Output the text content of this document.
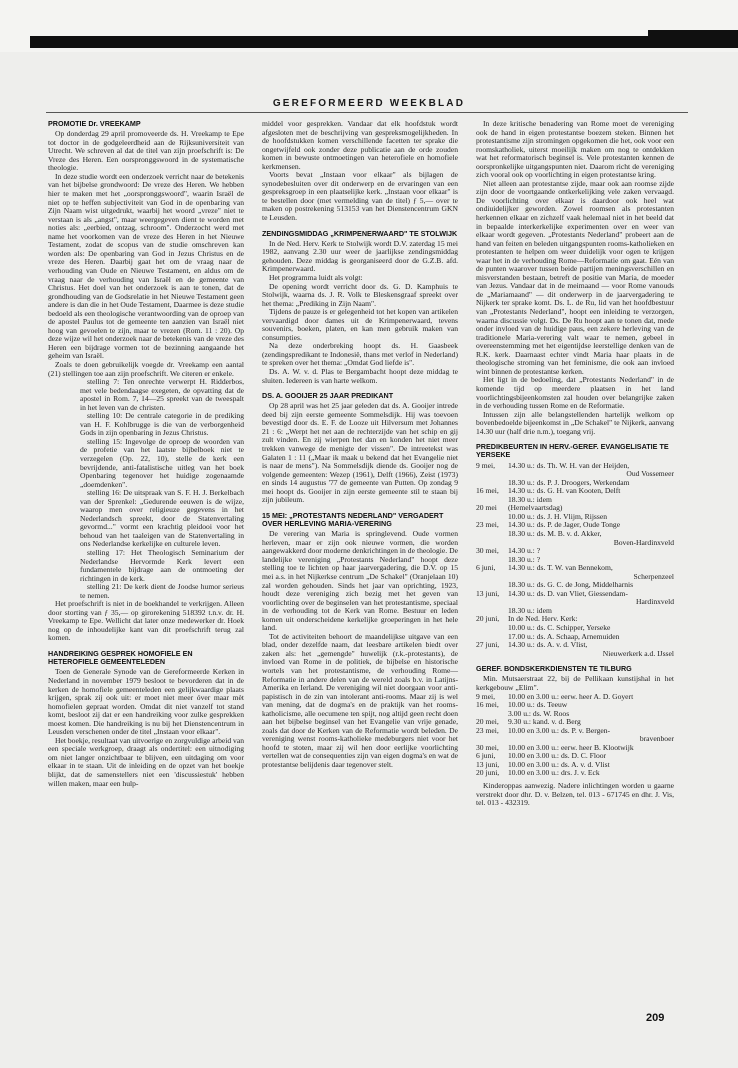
GEREFORMEERD WEEKBLAD
PROMOTIE Dr. VREEKAMP

Op donderdag 29 april promoveerde ds. H. Vreekamp te Epe tot doctor in de godgeleerdheid aan de Rijksuniversiteit van Utrecht. We schreven al dat de titel van zijn proefschrift is: De Vreze des Heren. Een oorspronggswoord in de systematische theologie.

In deze studie wordt een onderzoek verricht naar de betekenis van het bijbelse grondwoord: De vreze des Heren. We hebben hier te maken met het „oorspronggswoord", waarin Israël de niet op te heffen subjectiviteit van God in de openbaring van Zijn Naam wist uitgedrukt, waarbij het woord „vreze" niet te verstaan is als „angst", maar weergegeven dient te worden met noties als: „eerbied, ontzag, schroom". Onderzocht werd met name het voorkomen van de vreze des Heren in het Nieuwe Testament, zodat de scopus van de studie omschreven kan worden als: De openbaring van God in Jezus Christus en de vreze des Heren. Daarbij gaat het om de vraag naar de verhouding van Oude en Nieuwe Testament, en aldus om de vraag naar de verhouding van Israël en de gemeente van Christus. Het doel van het onderzoek is aan te tonen, dat de grondhouding van de Godsrelatie in het Nieuwe Testament geen andere is dan die in het Oude Testament, Daarmee is deze studie bedoeld als een theologische verantwoording van de oproep van de apostel Paulus tot de gemeente ten aanzien van Israël niet hoog van gevoelen te zijn, maar te vrezen (Rom. 11 : 20). Op deze wijze wil het onderzoek naar de betekenis van de vreze des Heren een bijdrage vormen tot de bezinning aangaande het geheim van Israël.

Zoals te doen gebruikelijk voegde dr. Vreekamp een aantal (21) stellingen toe aan zijn proefschrift. We citeren er enkele.

stelling 7: Ten onrechte verwerpt H. Ridderbos, met vele bedendaagse exegeten, de opvatting dat de apostel in Rom. 7, 14—25 spreekt van de tweespalt in het leven van de christen.

stelling 10: De centrale categorie in de prediking van H. F. Kohlbrugge is die van de verborgenheid Gods in zijn openbaring in Jezus Christus.

stelling 15: Ingevolge de oproep de woorden van de profetie van het laatste bijbelboek niet te verzegelen (Op. 22, 10), stelle de kerk een bevrijdende, anti-fatalistische uitleg van het boek Openbaring tegenover het huidige zogenaamde „doemdenken".

stelling 16: De uitspraak van S. F. H. J. Berkelbach van der Sprenkel: „Gedurende eeuwen is de wijze, waarop men over religieuze gegevens in het Nederlandsch spreekt, door de Statenvertaling gevormd..." vormt een krachtig pleidooi voor het behoud van het taaleigen van de Statenvertaling in ons Nederlandse kerkelijke en culturele leven.

stelling 17: Het Theologisch Seminarium der Nederlandse Hervormde Kerk levert een fundamentele bijdrage aan de ontmoeting der richtingen in de kerk.

stelling 21: De kerk dient de Joodse humor serieus te nemen.

Het proefschrift is niet in de boekhandel te verkrijgen. Alleen door storting van ƒ 35,— op girorekening 518392 t.n.v. dr. H. Vreekamp te Epe. Wellicht dat later onze medewerker dr. Hoek nog op de inhoudelijke kant van dit proefschrift terug zal komen.

HANDREIKING GESPREK HOMOFIELE EN HETEROFIELE GEMEENTELEDEN

Toen de Generale Synode van de Gereformeerde Kerken in Nederland in november 1979 besloot te bevorderen dat in de kerken de homofiele gemeenteleden een gelijkwaardige plaats krijgen, sprak zij ook uit: er moet niet meer óver maar mèt homofielen gepraat worden. Omdat dit niet vanzelf tot stand komt, besloot zij dat er een handreiking voor zulke gesprekken moest komen. Die handreiking is nu bij het Dienstencentrum in Leusden verschenen onder de titel „Instaan voor elkaar".

Het boekje, resultaat van uitvoerige en zorgvuldige arbeid van een speciale werkgroep, draagt als ondertitel: een uitnodiging om niet langer onzichtbaar te blijven, een uitdaging om voor elkaar in te staan. Uit de inleiding en de opzet van het boekje blijkt, dat de samenstellers niet een 'discussiestuk' hebben willen maken, maar een hulp-

middel voor gesprekken. Vandaar dat elk hoofdstuk wordt afgesloten met de beschrijving van gespreksmogelijkheden. In de hoofdstukken komen verschillende facetten ter sprake die ongetwijfeld ook zonder deze publicatie aan de orde zouden komen in bewuste ontmoetingen van heterofiele en homofiele kerkmensen.

Voorts bevat „Instaan voor elkaar" als bijlagen de synodebesluiten over dit onderwerp en de ervaringen van een gespreksgroep in een plaatselijke kerk. „Instaan voor elkaar" is te bestellen door (met vermelding van de titel) ƒ 5,— over te maken op postrekening 513153 van het Dienstencentrum GKN te Leusden.

ZENDINGSMIDDAG „KRIMPENERWAARD" TE STOLWIJK

In de Ned. Herv. Kerk te Stolwijk wordt D.V. zaterdag 15 mei 1982, aanvang 2.30 uur weer de jaarlijkse zendingsmiddag gehouden. Deze middag is georganiseerd door de G.Z.B. afd. Krimpenerwaard.

Het programma luidt als volgt:

De opening wordt verricht door ds. G. D. Kamphuis te Stolwijk, waarna ds. J. R. Volk te Bleskensgraaf spreekt over het thema: „Prediking in Zijn Naam".

Tijdens de pauze is er gelegenheid tot het kopen van artikelen vervaardigd door dames uit de Krimpenerwaard, tevens souvenirs, boeken, platen, en kan men gebruik maken van consumpties.

Na deze onderbreking hoopt ds. H. Gaasbeek (zendingspredikant te Indonesië, thans met verlof in Nederland) te spreken over het thema: „Omdat God liefde is".

Ds. A. W. v. d. Plas te Bergambacht hoopt deze middag te sluiten. Iedereen is van harte welkom.

DS. A. GOOIJER 25 JAAR PREDIKANT

Op 28 april was het 25 jaar geleden dat ds. A. Gooijer intrede deed bij zijn eerste gemeente Sommelsdijk. Hij was toevoen bevestigd door ds. E. F. de Looze uit Hilversum met Johannes 21 : 6: „Werpt het net aan de rechterzijde van het schip en gij zult vinden. En zij wierpen het dan en konden het niet meer trekken vanwege de menigte der vissen". De intreetekst was Galaten 1 : 11 („Maar ik maak u bekend dat het Evangelie niet is naar de mens"). Na Sommelsdijk diende ds. Gooijer nog de volgende gemeenten: Wezep (1961), Delft (1966), Zeist (1973) en sinds 14 augustus '77 de gemeente van Putten. Op zondag 9 mei hoopt ds. Gooijer in zijn eerste gemeente stil te staan bij zijn jubileum.

15 MEI: „PROTESTANTS NEDERLAND" VERGADERT OVER HERLEVING MARIA-VERERING

De verering van Maria is springlevend. Oude vormen herleven, maar er zijn ook nieuwe vormen, die worden aangewakkerd door moderne denkrichtingen in de theologie. De landelijke vereniging „Protestants Nederland" hoopt deze stelling toe te lichten op haar jaarvergadering, die D.V. op 15 mei a.s. in het Nijkerkse centrum „De Schakel" (Oranjelaan 10) zal worden gehouden. Sinds het jaar van oprichting, 1923, houdt deze vereniging zich bezig met het geven van voorlichting over de beginselen van het protestantisme, speciaal in de verhouding tot de Kerk van Rome. Bestuur en leden komen uit onderscheidene kerkelijke groeperingen in het hele land.

Tot de activiteiten behoort de maandelijkse uitgave van een blad, onder dezelfde naam, dat leesbare artikelen biedt over zaken als: het „gemengde" huwelijk (r.k.-protestants), de invloed van Rome in de politiek, de bijbelse en historische wortels van het protestantisme, de verhouding Rome—Reformatie in andere delen van de wereld zoals b.v. in Latijns-Amerika en Ierland. De vereniging wil niet doorgaan voor anti-papistisch in de zin van intolerant anti-rooms. Maar zij is wel van mening, dat de dogma's en de praktijk van het rooms-katholicisme, alle oecumene ten spijt, nog altijd geen recht doen aan het bijbelse beginsel van het Evangelie van vrije genade, zoals dat door de Kerken van de Reformatie wordt beleden. De vereniging wenst rooms-katholieke medeburgers niet voor het hoofd te stoten, maar zij wil hen door eerlijke voorlichting vertellen wat de consequenties zijn van eigen dogma's en wat de protestantse belijdenis daar tegenover stelt.

In deze kritische benadering van Rome moet de vereniging ook de hand in eigen protestantse boezem steken. Binnen het protestantisme zijn stromingen opgekomen die het, ook voor een roomskatholiek, uiterst moeilijk maken om nog te ontdekken wat het reformatorisch beginsel is. Vele protestanten kennen de oorspronkelijke uitgangspunten niet. Daarom richt de vereniging zich vooral ook op voorlichting in eigen protestantse kring.

Niet alleen aan protestantse zijde, maar ook aan roomse zijde zijn door de voortgaande ontkerkelijking vele zaken vervaagd. De voorlichting over elkaar is daardoor ook heel wat ondiuidelijker geworden. Zowel roomsen als protestanten herkennen elkaar en zichzelf vaak helemaal niet in het beeld dat in bepaalde interkerkelijke experimenten over en weer van elkaar wordt gegeven. „Protestants Nederland" probeert aan de hand van feiten en beleden uitgangspunten rooms-katholieken en protestanten te helpen om weer duidelijk voor ogen te krijgen waar het in de verhouding Rome—Reformatie om gaat. Eén van de punten waarover tussen beide partijen meningsverschillen en misverstanden bestaan, betreft de positie van Maria, de moeder van Jezus. Vandaar dat in de meimaand — voor Rome vanouds de „Mariamaand" — dit onderwerp in de jaarvergadering te Nijkerk ter sprake komt. Ds. L. de Ru, lid van het hoofdbestuur van „Protestants Nederland", hoopt een inleiding te verzorgen, waarna discussie volgt. Ds. De Ru hoopt aan te tonen dat, mede onder invloed van de huidige paus, een zekere herleving van de traditionele Maria-verering valt waar te nemen, gebeel in overeenstemming met het eigentijdse leerstellige denken van de R.K. kerk. Daarnaast echter vindt Maria haar plaats in de theologische stroming van het feminisme, die ook aan invloed wint binnen de protestantse kerken.

Het ligt in de bedoeling, dat „Protestants Nederland" in de komende tijd op meerdere plaatsen in het land voorlichtingsbijeenkomsten zal houden over belangrijke zaken in de verhouding tussen Rome en de Reformatie.

Intussen zijn alle belangstellenden hartelijk welkom op bovenbedoelde bijeenkomst in „De Schakel" te Nijkerk, aanvang 14.30 uur (half drie n.m.), toegang vrij.

PREDIKBEURTEN IN HERV.-GEREF. EVANGELISATIE TE YERSEKE
9 mei,	14.30 u.: ds. Th. W. H. van der Heijden,
Oud Vossemeer
18.30 u.: ds. P. J. Droogers, Werkendam
16 mei,	14.30 u.: ds. G. H. van Kooten, Delft
18.30 u.: idem
20 mei	(Hemelvaartsdag)
10.00 u.: ds. J. H. Vlijm, Rijssen
23 mei,	14.30 u.: ds. P. de Jager, Oude Tonge
18.30 u.: ds. M. B. v. d. Akker,
Boven-Hardinxveld
30 mei,	14.30 u.: ?
18.30 u.: ?
6 juni,	14.30 u.: ds. T. W. van Bennekom,
Scherpenzeel
18.30 u.: ds. G. C. de Jong, Middelharnis
13 juni,	14.30 u.: ds. D. van Vliet, Giessendam-
Hardinxveld
18.30 u.: idem
20 juni,	In de Ned. Herv. Kerk:
10.00 u.: ds. C. Schipper, Yerseke
17.00 u.: ds. A. Schaap, Arnemuiden
27 juni,	14.30 u.: ds. A. v. d. Vlist,
Nieuwerkerk a.d. IJssel
GEREF. BONDSKERKDIENSTEN TE TILBURG

Min. Mutsaerstraat 22, bij de Pellikaan kunstijshal in het kerkgebouw „Elim".

9 mei,	10.00 en 3.00 u.: eerw. heer A. D. Goyert
16 mei,	10.00 u.: ds. Teeuw
3.00 u.: ds. W. Roos
20 mei,	9.30 u.: kand. v. d. Berg
23 mei,	10.00 en 3.00 u.: ds. P. v. Bergen-
bravenboer
30 mei,	10.00 en 3.00 u.: eerw. heer B. Klootwijk
6 juni,	10.00 en 3.00 u.: ds. D. C. Floor
13 juni,	10.00 en 3.00 u.: ds. A. v. d. Vlist
20 juni,	10.00 en 3.00 u.: drs. J. v. Eck

Kinderoppas aanwezig. Nadere inlichtingen worden u gaarne verstrekt door dhr. D. v. Belzen, tel. 013 - 671745 en dhr. J. Vis, tel. 013 - 432319.

209
